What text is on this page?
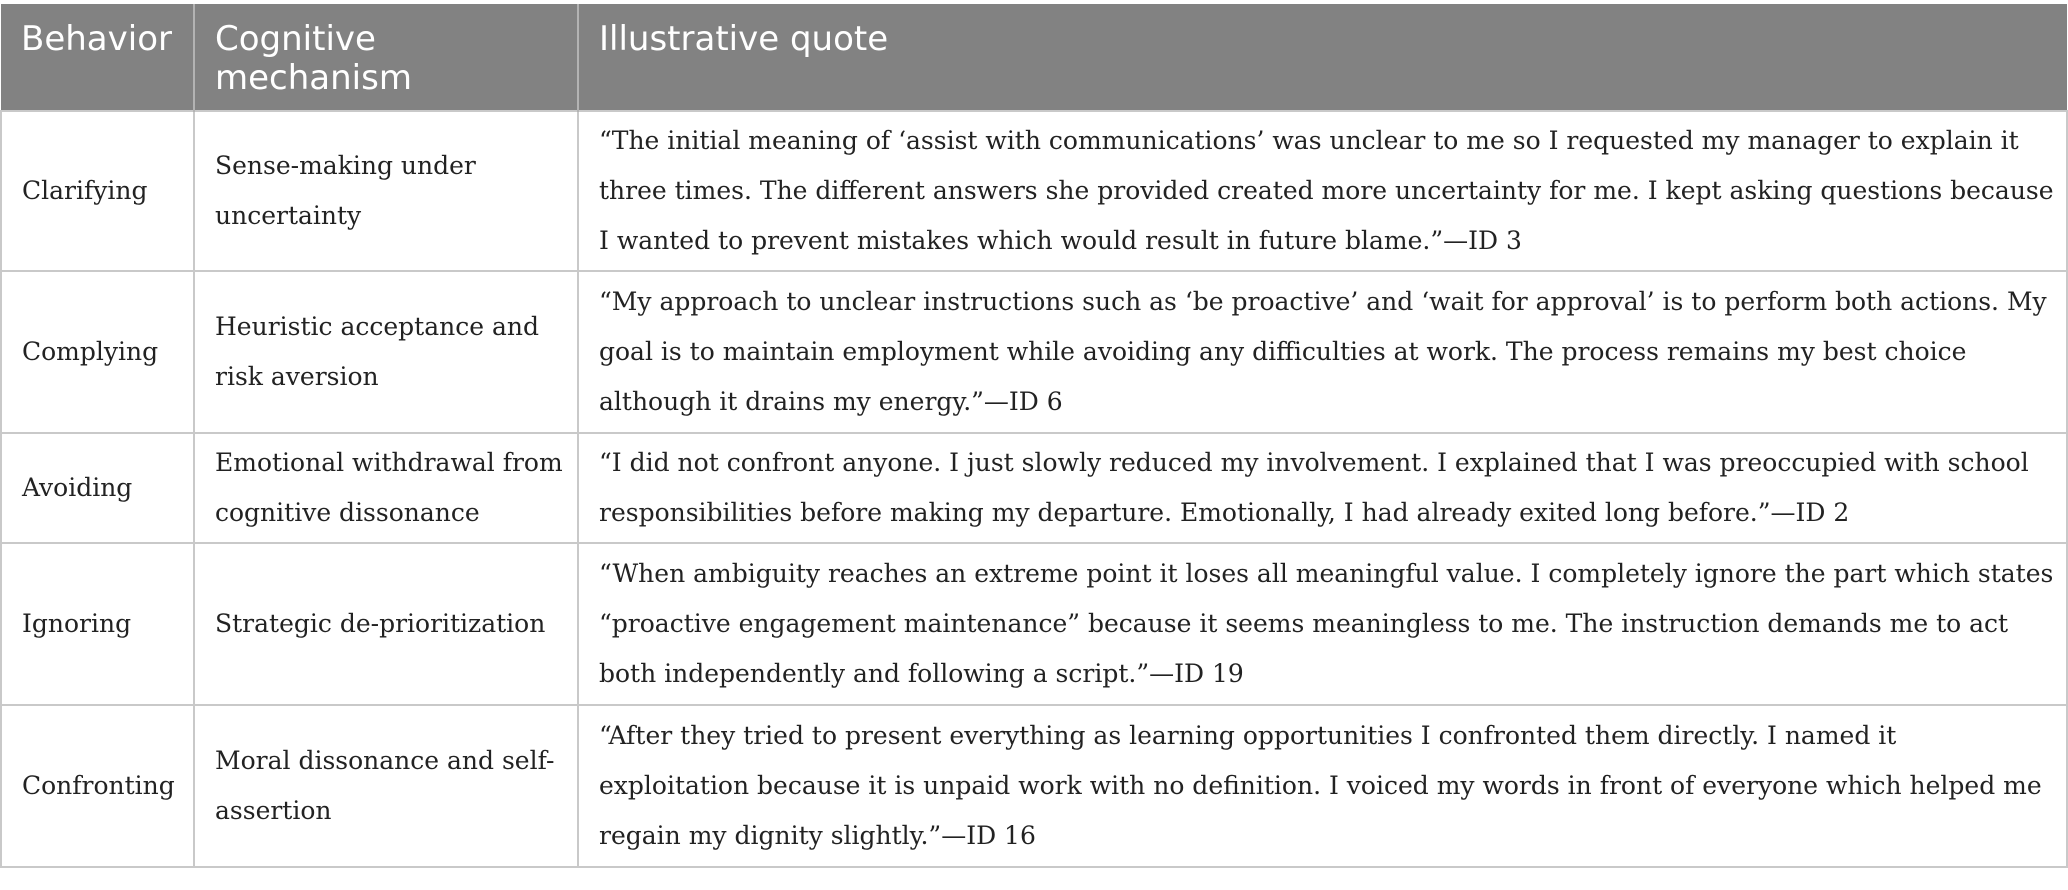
Behavior	Cognitive mechanism	Illustrative quote
Clarifying	Sense-making under uncertainty	“The initial meaning of ‘assist with communications’ was unclear to me so I requested my manager to explain it three times. The different answers she provided created more uncertainty for me. I kept asking questions because I wanted to prevent mistakes which would result in future blame.”—ID 3
Complying	Heuristic acceptance and risk aversion	“My approach to unclear instructions such as ‘be proactive’ and ‘wait for approval’ is to perform both actions. My goal is to maintain employment while avoiding any difficulties at work. The process remains my best choice although it drains my energy.”—ID 6
Avoiding	Emotional withdrawal from cognitive dissonance	“I did not confront anyone. I just slowly reduced my involvement. I explained that I was preoccupied with school responsibilities before making my departure. Emotionally, I had already exited long before.”—ID 2
Ignoring	Strategic de-prioritization	“When ambiguity reaches an extreme point it loses all meaningful value. I completely ignore the part which states “proactive engagement maintenance” because it seems meaningless to me. The instruction demands me to act both independently and following a script.”—ID 19
Confronting	Moral dissonance and self-assertion	“After they tried to present everything as learning opportunities I confronted them directly. I named it exploitation because it is unpaid work with no definition. I voiced my words in front of everyone which helped me regain my dignity slightly.”—ID 16
